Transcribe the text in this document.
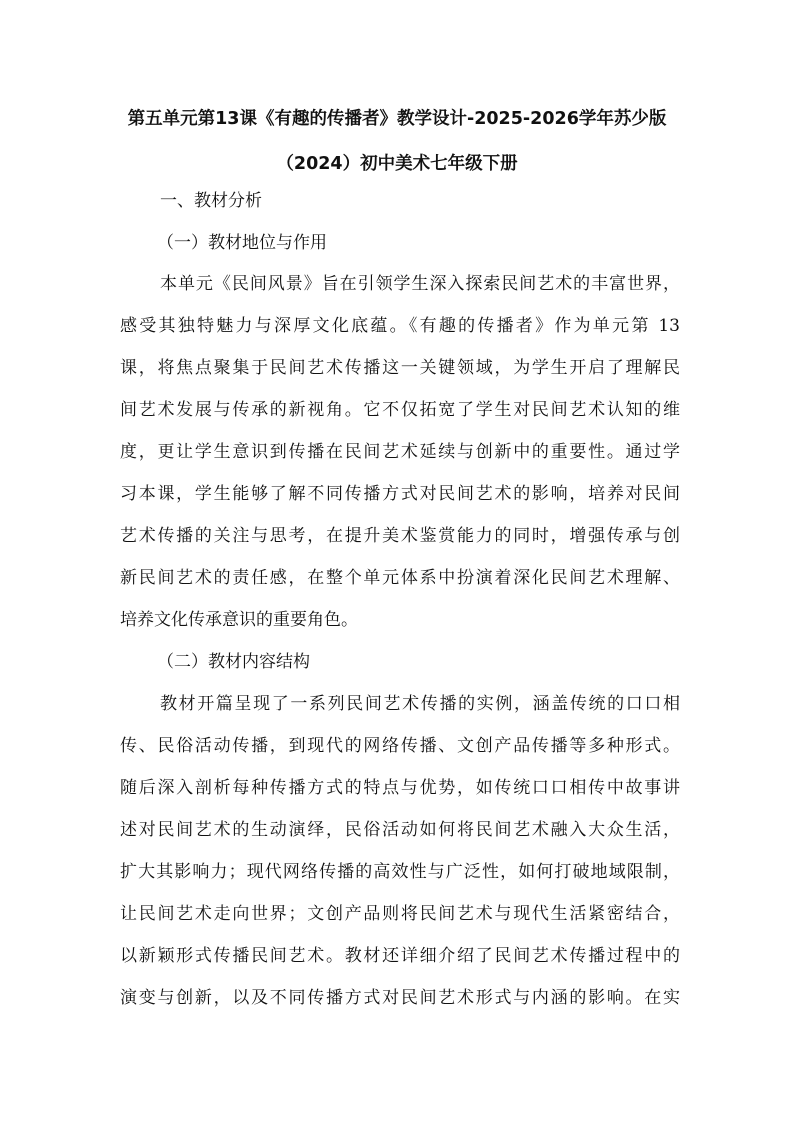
第五单元第13课《有趣的传播者》教学设计-2025-2026学年苏少版
（2024）初中美术七年级下册
一、教材分析
（一）教材地位与作用
本单元《民间风景》旨在引领学生深入探索民间艺术的丰富世界，
感受其独特魅力与深厚文化底蕴。《有趣的传播者》作为单元第 13
课，将焦点聚集于民间艺术传播这一关键领域，为学生开启了理解民
间艺术发展与传承的新视角。它不仅拓宽了学生对民间艺术认知的维
度，更让学生意识到传播在民间艺术延续与创新中的重要性。通过学
习本课，学生能够了解不同传播方式对民间艺术的影响，培养对民间
艺术传播的关注与思考，在提升美术鉴赏能力的同时，增强传承与创
新民间艺术的责任感，在整个单元体系中扮演着深化民间艺术理解、
培养文化传承意识的重要角色。
（二）教材内容结构
教材开篇呈现了一系列民间艺术传播的实例，涵盖传统的口口相
传、民俗活动传播，到现代的网络传播、文创产品传播等多种形式。
随后深入剖析每种传播方式的特点与优势，如传统口口相传中故事讲
述对民间艺术的生动演绎，民俗活动如何将民间艺术融入大众生活，
扩大其影响力；现代网络传播的高效性与广泛性，如何打破地域限制，
让民间艺术走向世界；文创产品则将民间艺术与现代生活紧密结合，
以新颖形式传播民间艺术。教材还详细介绍了民间艺术传播过程中的
演变与创新，以及不同传播方式对民间艺术形式与内涵的影响。在实
